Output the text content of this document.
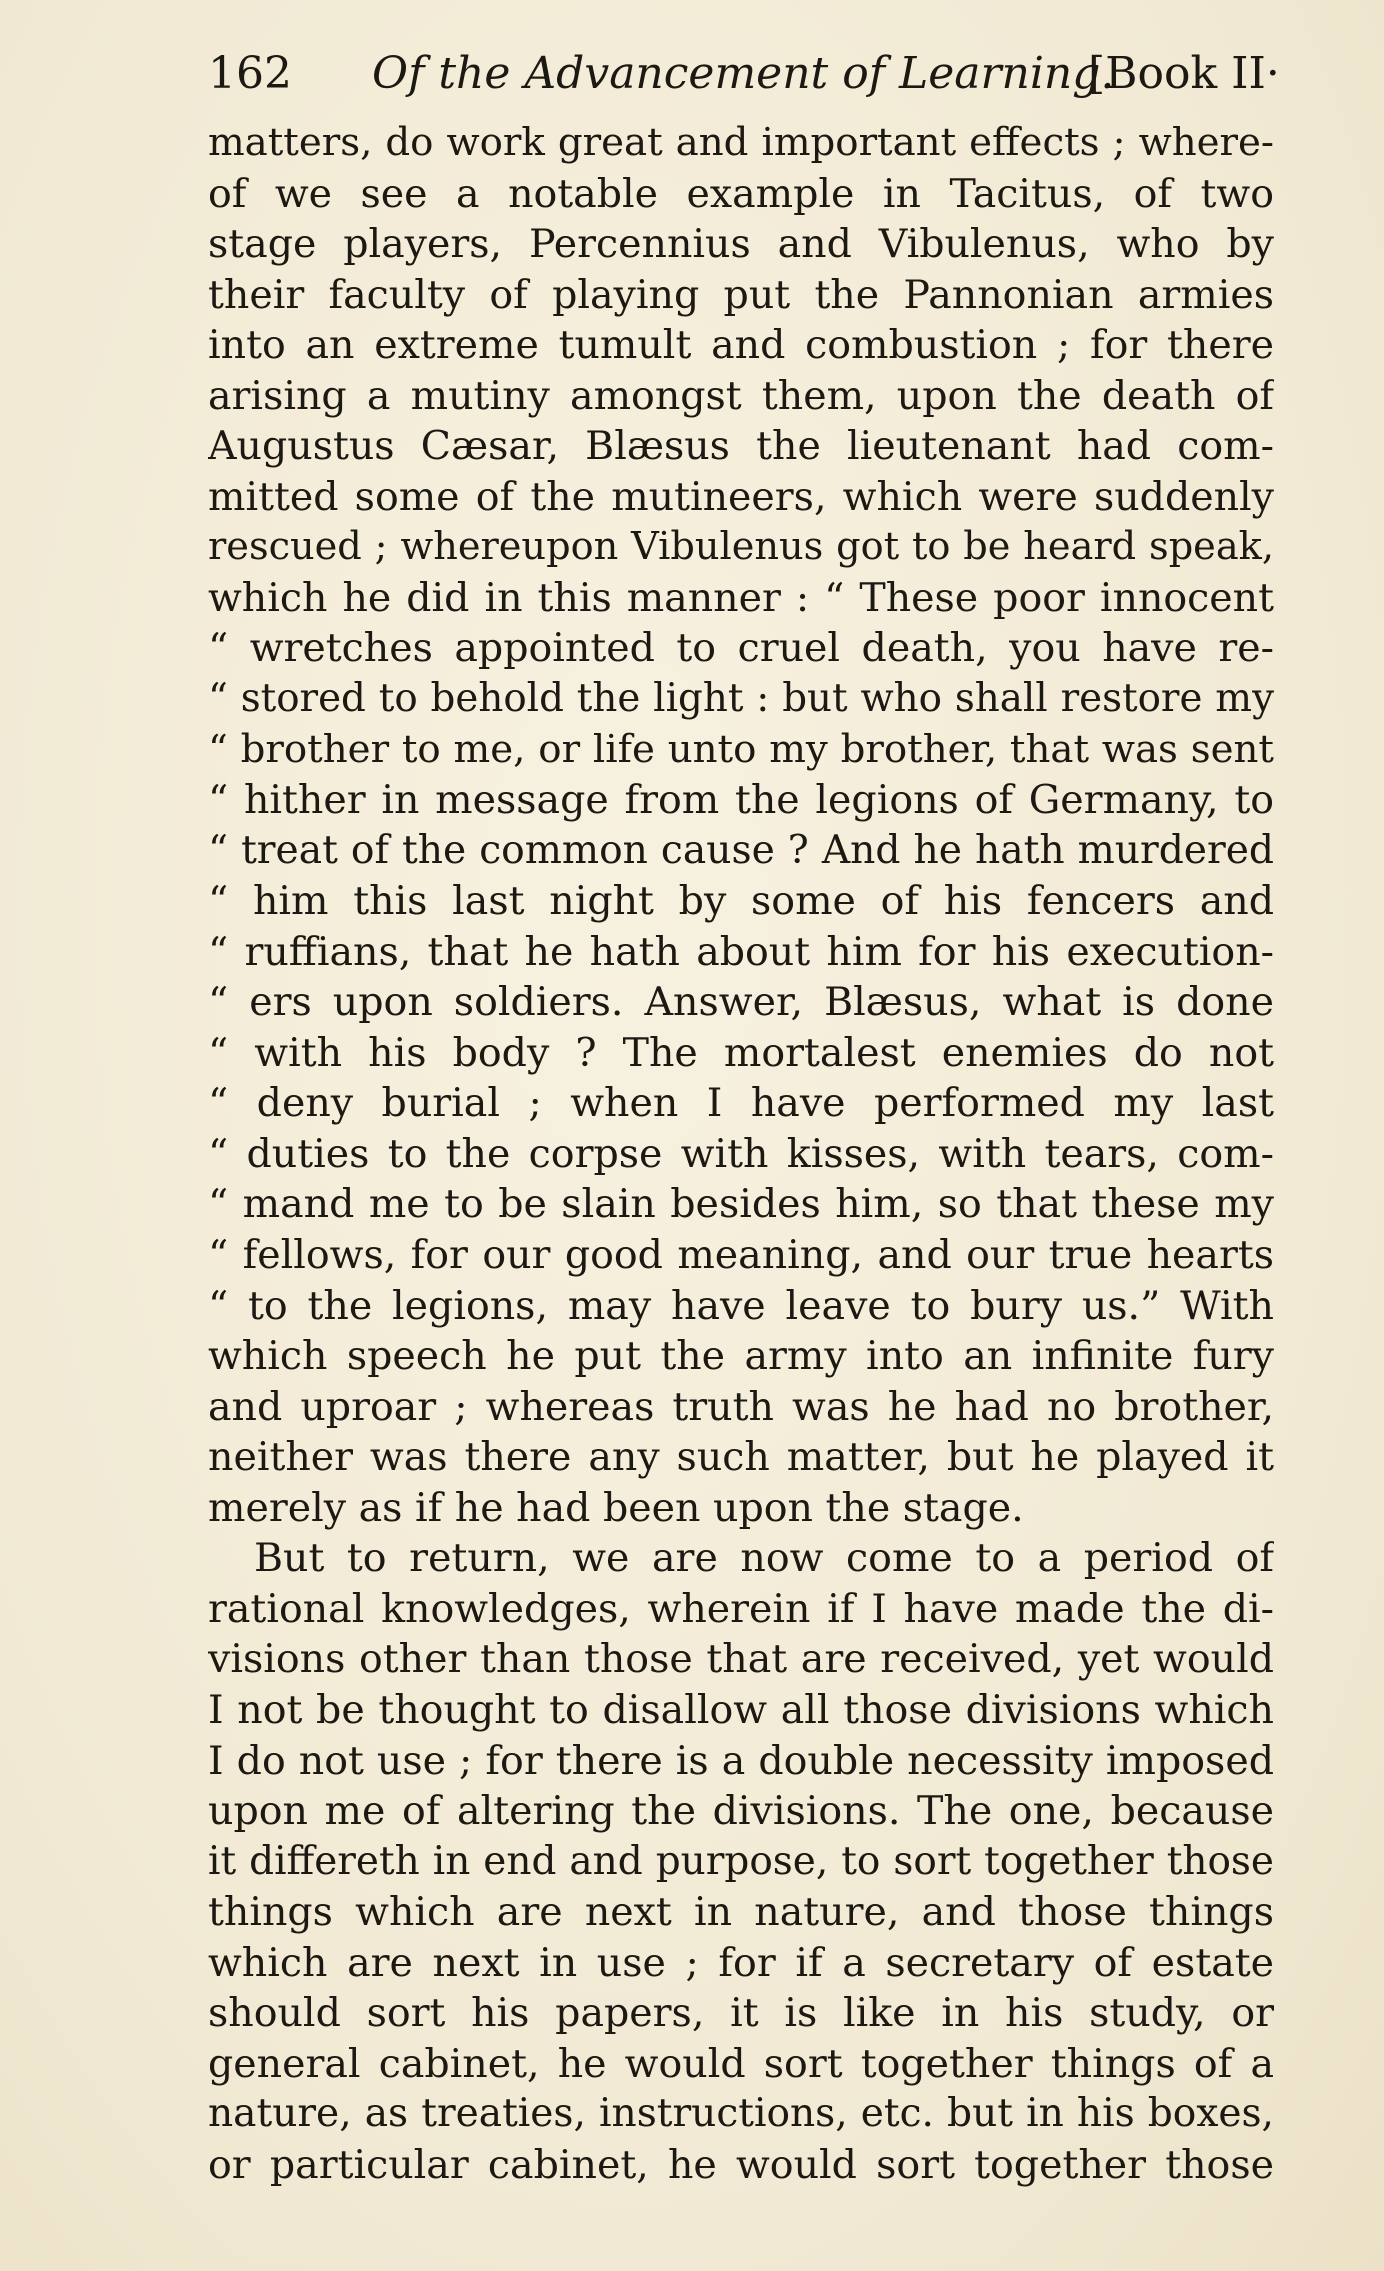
162 Of the Advancement of Learning.
[Book II·
matters, do work great and important effects ; where-
of we see a notable example in Tacitus, of two
stage players, Percennius and Vibulenus, who by
their faculty of playing put the Pannonian armies
into an extreme tumult and combustion ; for there
arising a mutiny amongst them, upon the death of
Augustus Cæsar, Blæsus the lieutenant had com-
mitted some of the mutineers, which were suddenly
rescued ; whereupon Vibulenus got to be heard speak,
which he did in this manner : “ These poor innocent
“ wretches appointed to cruel death, you have re-
“ stored to behold the light : but who shall restore my
“ brother to me, or life unto my brother, that was sent
“ hither in message from the legions of Germany, to
“ treat of the common cause ? And he hath murdered
“ him this last night by some of his fencers and
“ ruffians, that he hath about him for his execution-
“ ers upon soldiers. Answer, Blæsus, what is done
“ with his body ? The mortalest enemies do not
“ deny burial ; when I have performed my last
“ duties to the corpse with kisses, with tears, com-
“ mand me to be slain besides him, so that these my
“ fellows, for our good meaning, and our true hearts
“ to the legions, may have leave to bury us.” With
which speech he put the army into an infinite fury
and uproar ; whereas truth was he had no brother,
neither was there any such matter, but he played it
merely as if he had been upon the stage.
But to return, we are now come to a period of
rational knowledges, wherein if I have made the di-
visions other than those that are received, yet would
I not be thought to disallow all those divisions which
I do not use ; for there is a double necessity imposed
upon me of altering the divisions. The one, because
it differeth in end and purpose, to sort together those
things which are next in nature, and those things
which are next in use ; for if a secretary of estate
should sort his papers, it is like in his study, or
general cabinet, he would sort together things of a
nature, as treaties, instructions, etc. but in his boxes,
or particular cabinet, he would sort together those
